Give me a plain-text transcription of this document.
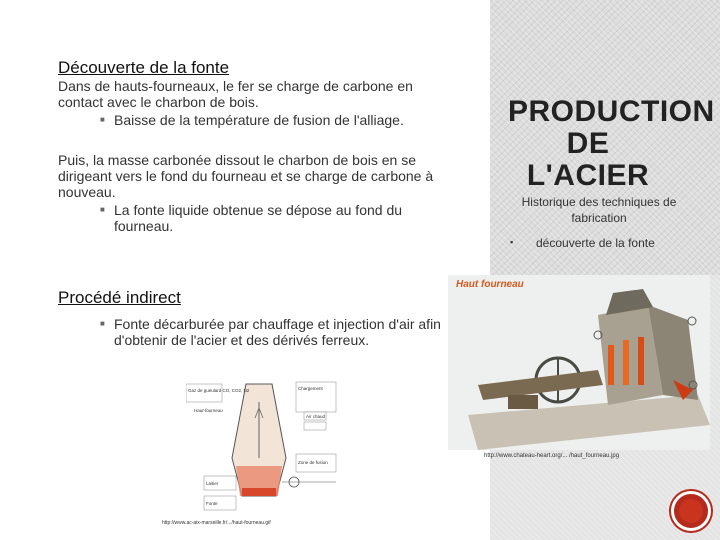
Découverte de la fonte

Dans de hauts-fourneaux, le fer se charge de carbone en contact avec le charbon de bois.

■ Baisse de la température de fusion de l'alliage.

Puis, la masse carbonée dissout le charbon de bois en se dirigeant vers le fond du fourneau et se charge de carbone à nouveau.

■ La fonte liquide obtenue se dépose au fond du fourneau.
Procédé indirect
■ Fonte décarburée par chauffage et injection d'air afin d'obtenir de l'acier et des dérivés ferreux.
PRODUCTION DE L'ACIER
Historique des techniques de fabrication
▪ découverte de la fonte
Haut fourneau
http://www.chateau-heart.org/... /haut_fourneau.jpg
Gaz de gueulard CO, CO2, N2	Chargement
Haut-fourneau
Zone de fusion
Air chaud
Laitier
Fonte
http://www.ac-aix-marseille.fr/.../haut-fourneau.gif
